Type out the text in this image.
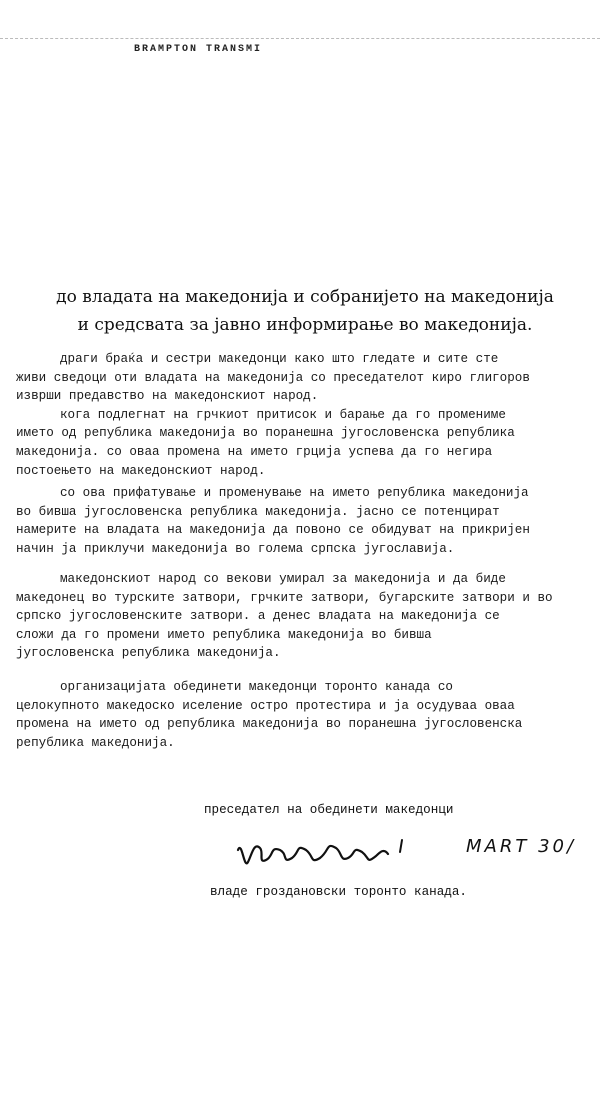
BRAMPTON TRANSMI
до владата на македонија и собранијето на македонија
и средсвата за јавно информирање во македонија.
драги браќа и сестри македонци како што гледате и сите сте
живи сведоци оти владата на македонија со преседателот киро глигоров
изврши предавство на македонскиот народ.
кога подлегнат на грчкиот притисок и барање да го промениме
името од република македонија во поранешна југословенска република
македонија. со оваа промена на името грција успева да го негира
постоењето на македонскиот народ.
со ова прифатување и променување на името република македонија
во бивша југословенска република македонија. јасно се потенцират
намерите на владата на македонија да повоно се обидуват на прикријен
начин ја приклучи македонија во голема српска југославија.
македонскиот народ со векови умирал за македонија и да биде
македонец во турските затвори, грчките затвори, бугарските затвори и во
српско југословенските затвори. а денес владата на македонија се
сложи да го промени името република македонија во бивша
југословенска република македонија.
организацијата обединети македонци торонто канада со
целокупното македоско иселение остро протестира и ја осудуваа оваа
промена на името од република македонија во поранешна југословенска
република македонија.
преседател на обединети македонци
MART 30/
владе гроздановски торонто канада.
